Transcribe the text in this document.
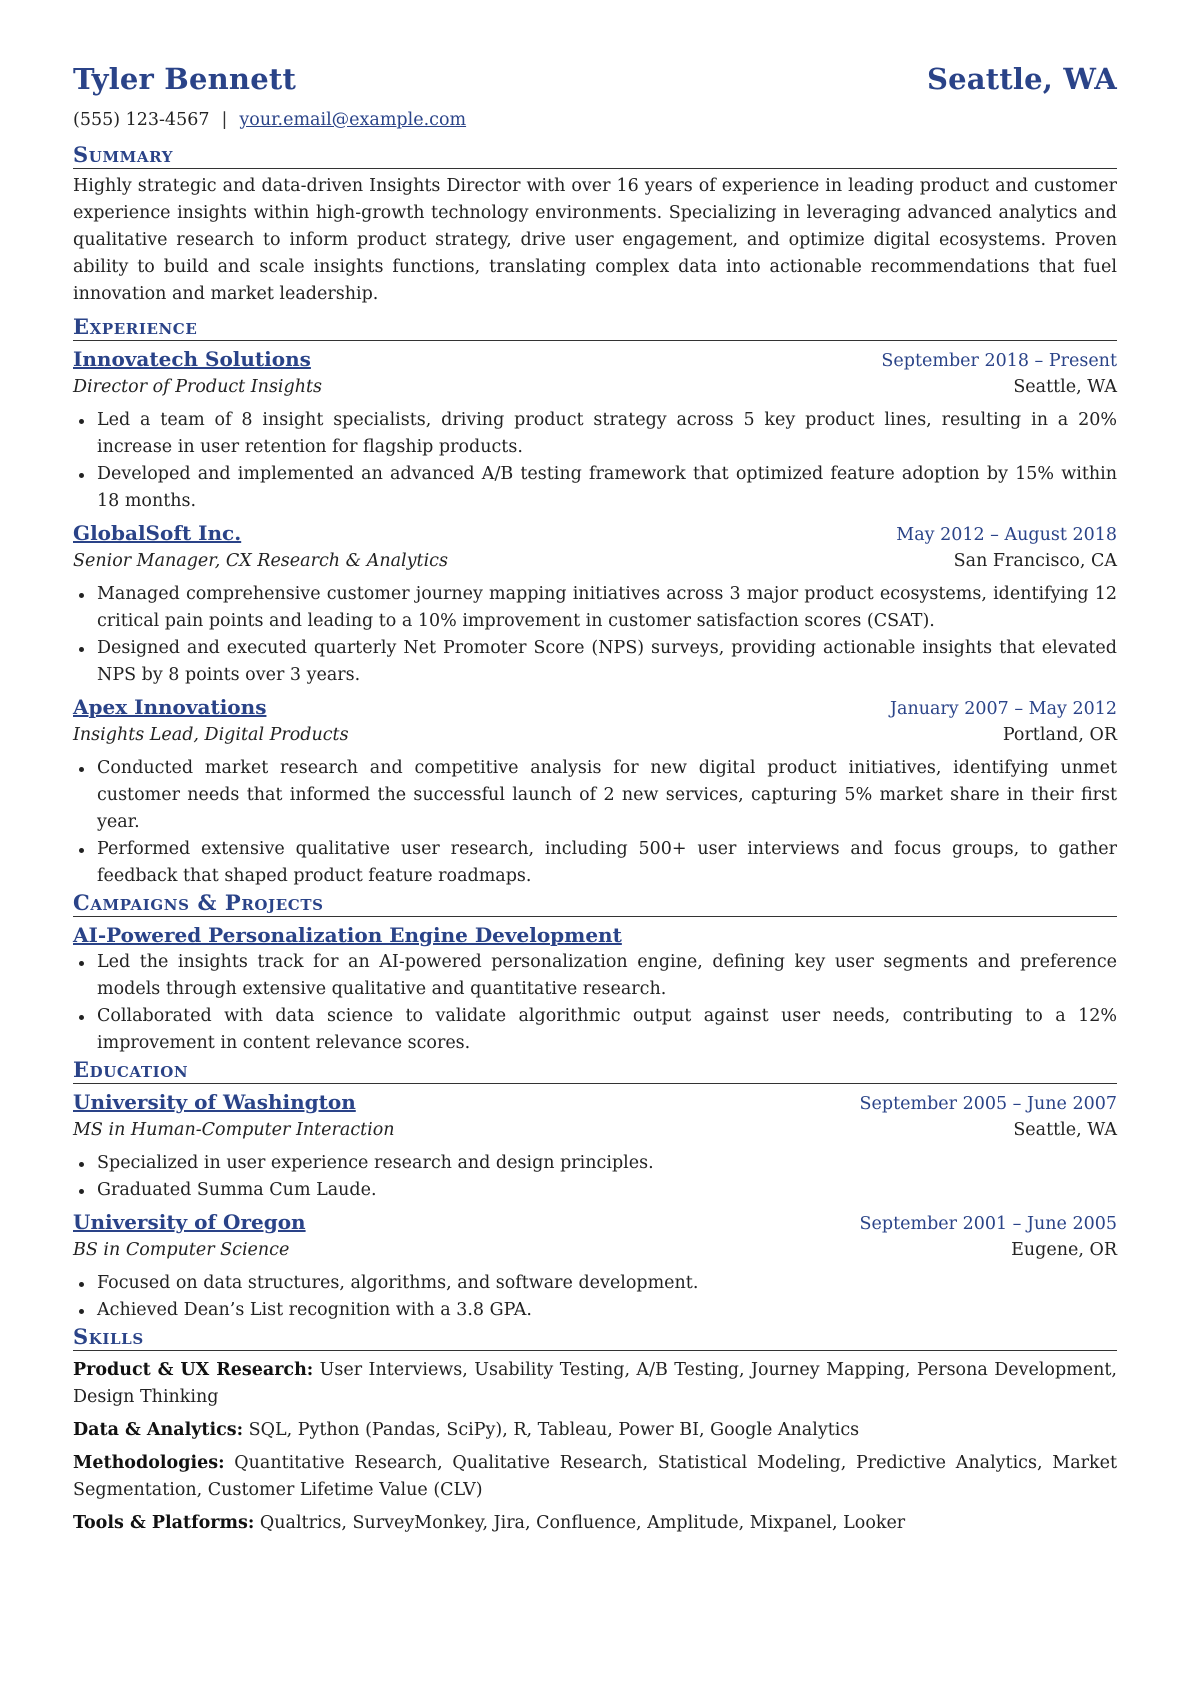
Tyler Bennett	Seattle, WA
(555) 123-4567 | your.email@example.com
Summary

Highly strategic and data-driven Insights Director with over 16 years of experience in leading product and customer experience insights within high-growth technology environments. Specializing in leveraging advanced analytics and qualitative research to inform product strategy, drive user engagement, and optimize digital ecosystems. Proven ability to build and scale insights functions, translating complex data into actionable recommendations that fuel innovation and market leadership.

Experience
Innovatech Solutions	September 2018 – Present
Director of Product Insights	Seattle, WA
Led a team of 8 insight specialists, driving product strategy across 5 key product lines, resulting in a 20% increase in user retention for flagship products.
Developed and implemented an advanced A/B testing framework that optimized feature adoption by 15% within 18 months.
GlobalSoft Inc.	May 2012 – August 2018
Senior Manager, CX Research & Analytics	San Francisco, CA
Managed comprehensive customer journey mapping initiatives across 3 major product ecosystems, identifying 12 critical pain points and leading to a 10% improvement in customer satisfaction scores (CSAT).
Designed and executed quarterly Net Promoter Score (NPS) surveys, providing actionable insights that elevated NPS by 8 points over 3 years.
Apex Innovations	January 2007 – May 2012
Insights Lead, Digital Products	Portland, OR
Conducted market research and competitive analysis for new digital product initiatives, identifying unmet customer needs that informed the successful launch of 2 new services, capturing 5% market share in their first year.
Performed extensive qualitative user research, including 500+ user interviews and focus groups, to gather feedback that shaped product feature roadmaps.
Campaigns & Projects
AI-Powered Personalization Engine Development
Led the insights track for an AI-powered personalization engine, defining key user segments and preference models through extensive qualitative and quantitative research.
Collaborated with data science to validate algorithmic output against user needs, contributing to a 12% improvement in content relevance scores.
Education
University of Washington	September 2005 – June 2007
MS in Human-Computer Interaction	Seattle, WA
Specialized in user experience research and design principles.
Graduated Summa Cum Laude.
University of Oregon	September 2001 – June 2005
BS in Computer Science	Eugene, OR
Focused on data structures, algorithms, and software development.
Achieved Dean’s List recognition with a 3.8 GPA.
Skills
Product & UX Research: User Interviews, Usability Testing, A/B Testing, Journey Mapping, Persona Development, Design Thinking
Data & Analytics: SQL, Python (Pandas, SciPy), R, Tableau, Power BI, Google Analytics
Methodologies: Quantitative Research, Qualitative Research, Statistical Modeling, Predictive Analytics, Market Segmentation, Customer Lifetime Value (CLV)
Tools & Platforms: Qualtrics, SurveyMonkey, Jira, Confluence, Amplitude, Mixpanel, Looker
